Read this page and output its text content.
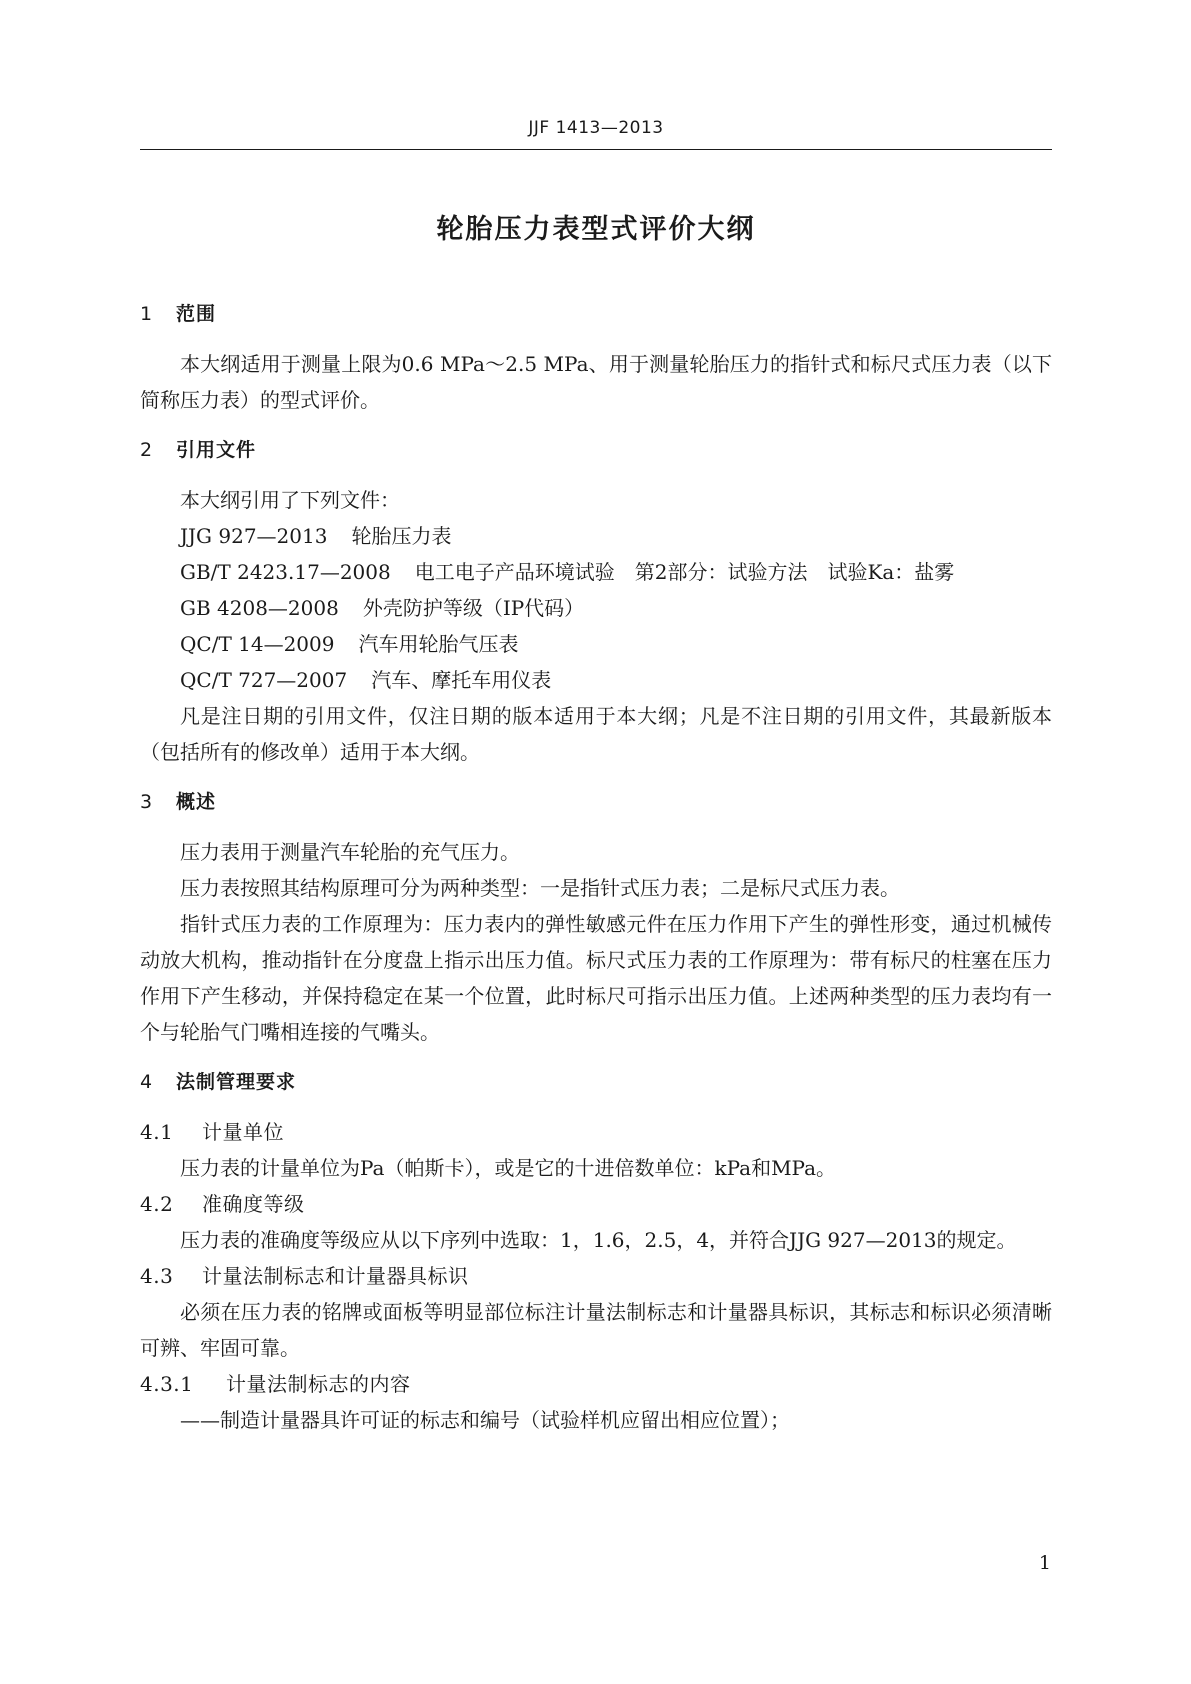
JJF 1413—2013
轮胎压力表型式评价大纲
1 范围

本大纲适用于测量上限为0.6 MPa～2.5 MPa、用于测量轮胎压力的指针式和标尺式压力表（以下简称压力表）的型式评价。

2 引用文件

本大纲引用了下列文件：

JJG 927—2013 轮胎压力表

GB/T 2423.17—2008 电工电子产品环境试验　第2部分：试验方法　试验Ka：盐雾

GB 4208—2008 外壳防护等级（IP代码）

QC/T 14—2009 汽车用轮胎气压表

QC/T 727—2007 汽车、摩托车用仪表

凡是注日期的引用文件，仅注日期的版本适用于本大纲；凡是不注日期的引用文件，其最新版本（包括所有的修改单）适用于本大纲。

3 概述

压力表用于测量汽车轮胎的充气压力。

压力表按照其结构原理可分为两种类型：一是指针式压力表；二是标尺式压力表。

指针式压力表的工作原理为：压力表内的弹性敏感元件在压力作用下产生的弹性形变，通过机械传动放大机构，推动指针在分度盘上指示出压力值。标尺式压力表的工作原理为：带有标尺的柱塞在压力作用下产生移动，并保持稳定在某一个位置，此时标尺可指示出压力值。上述两种类型的压力表均有一个与轮胎气门嘴相连接的气嘴头。

4 法制管理要求

4.1 计量单位

压力表的计量单位为Pa（帕斯卡），或是它的十进倍数单位：kPa和MPa。

4.2 准确度等级

压力表的准确度等级应从以下序列中选取：1，1.6，2.5，4，并符合JJG 927—2013的规定。

4.3 计量法制标志和计量器具标识

必须在压力表的铭牌或面板等明显部位标注计量法制标志和计量器具标识，其标志和标识必须清晰可辨、牢固可靠。

4.3.1 计量法制标志的内容

——制造计量器具许可证的标志和编号（试验样机应留出相应位置）；

1
